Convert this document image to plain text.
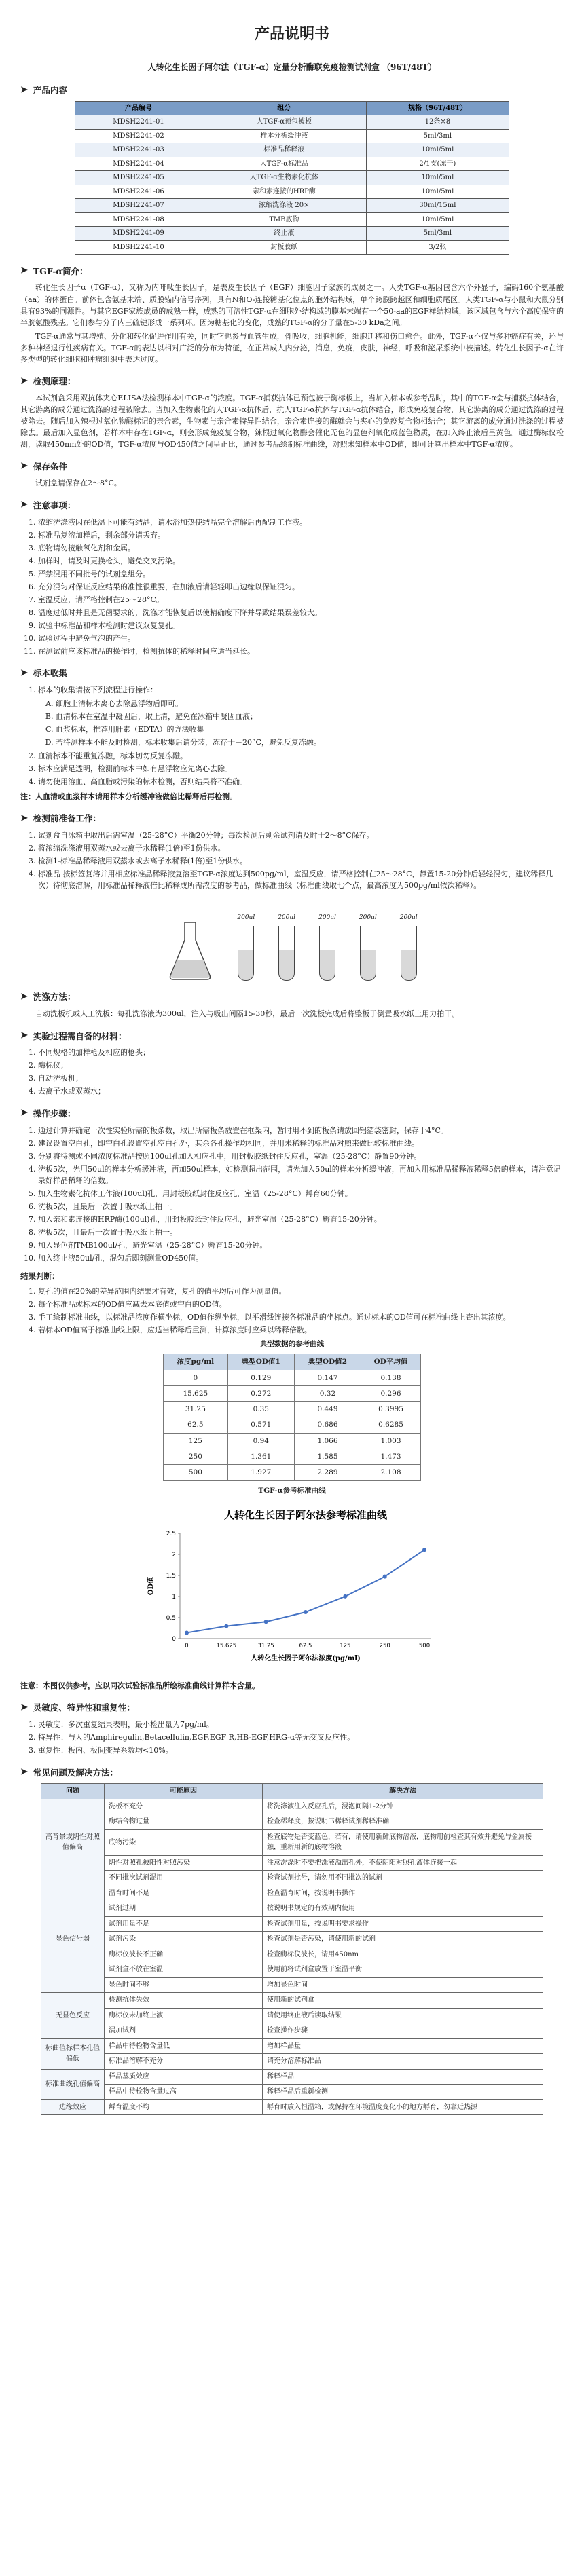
产品说明书
人转化生长因子阿尔法（TGF-α）定量分析酶联免疫检测试剂盒 （96T/48T）
➤ 产品内容
产品编号	组分	规格（96T/48T）
MDSH2241-01	人TGF-α预包被板	12条×8
MDSH2241-02	样本分析缓冲液	5ml/3ml
MDSH2241-03	标准品稀释液	10ml/5ml
MDSH2241-04	人TGF-α标准品	2/1支(冻干)
MDSH2241-05	人TGF-α生物素化抗体	10ml/5ml
MDSH2241-06	亲和素连接的HRP酶	10ml/5ml
MDSH2241-07	浓缩洗涤液 20×	30ml/15ml
MDSH2241-08	TMB底物	10ml/5ml
MDSH2241-09	终止液	5ml/3ml
MDSH2241-10	封板胶纸	3/2张
➤ TGF-α简介：

转化生长因子α（TGF-α），又称为内啡呔生长因子，是表皮生长因子（EGF）细胞因子家族的成员之一。人类TGF-α基因包含六个外显子，编码160个氨基酸（aa）的体蛋白。前体包含氨基末端、质膜锚内信号序列，具有N和O-连接糖基化位点的胞外结构域，单个跨膜跨越区和细胞质尾区。人类TGF-α与小鼠和大鼠分别具有93%的同源性。与其它EGF家族成员的成熟一样，成熟的可溶性TGF-α在细胞外结构域的膜基末端有一个50-aa的EGF样结构域，该区域包含与六个高度保守的半胱氨酸残基。它们参与分子内三硫键形成一系列环。因为糖基化的变化，成熟的TGF-α的分子量在5-30 kDa之间。

TGF-α通常与其增殖、分化和转化促进作用有关，同时它也参与血管生成，骨吸收，细胞机能，细胞迁移和伤口愈合。此外，TGF-α不仅与多种癌症有关，还与多种神经退行性疾病有关。TGF-α的表达以相对广泛的分布为特征，在正常成人内分泌，消息，免疫，皮肤，神经，呼吸和泌尿系统中被描述。转化生长因子-α在许多类型的转化细胞和肿瘤组织中表达过度。

➤ 检测原理：

本试剂盒采用双抗体夹心ELISA法检测样本中TGF-α的浓度。TGF-α捕获抗体已预包被于酶标板上，当加入标本或参考品时，其中的TGF-α会与捕获抗体结合，其它游离的成分通过洗涤的过程被除去。当加入生物素化的人TGF-α抗体后，抗人TGF-α抗体与TGF-α抗体结合，形成免疫复合物，其它游离的成分通过洗涤的过程被除去。随后加入辣根过氧化物酶标记的亲合素，生物素与亲合素特异性结合，亲合素连接的酶就会与夹心的免疫复合物相结合；其它游离的成分通过洗涤的过程被除去。最后加入显色剂，若样本中存在TGF-α，则会形成免疫复合物，辣根过氧化物酶会催化无色的显色剂氧化成蓝色物质，在加入终止液后呈黄色。通过酶标仪检测，读取450nm处的OD值，TGF-α浓度与OD450值之间呈正比，通过参考品绘制标准曲线，对照未知样本中OD值，即可计算出样本中TGF-α浓度。

➤ 保存条件

试剂盒请保存在2～8°C。

➤ 注意事项：
1. 浓缩洗涤液因在低温下可能有结晶，请水浴加热使结晶完全溶解后再配制工作液。
2. 标准品复溶加样后，剩余部分请丢弃。
3. 底物请勿接触氧化剂和金属。
4. 加样时，请及时更换枪头，避免交叉污染。
5. 严禁混用不同批号的试剂盒组分。
6. 充分混匀对保证反应结果的准性很重要，在加液后请轻轻叩击边缘以保证混匀。
7. 室温反应，请严格控制在25～28°C。
8. 温度过低时并且是无菌要求的，洗涤才能恢复后以使精确度下降并导致结果误差较大。
9. 试验中标准品和样本检测时建议双复复孔。
10. 试验过程中避免气泡的产生。
11. 在测试前应该标准品的操作时，检测抗体的稀释时间应适当延长。
➤ 标本收集
1. 标本的收集请按下列流程进行操作：
A. 细胞上清标本离心去除悬浮物后即可。
B. 血清标本在室温中凝固后，取上清，避免在冰箱中凝固血液；
C. 血浆标本，推荐用肝素（EDTA）的方法收集
D. 若待测样本不能及时检测，标本收集后请分装，冻存于－20°C，避免反复冻融。
2. 血清标本不能重复冻融，标本切勿反复冻融。
3. 标本应满足透明，检测前标本中如有悬浮物应先离心去除。
4. 请勿使用溶血、高血脂或污染的标本检测，否则结果将不准确。
注：人血清或血浆样本请用样本分析缓冲液做倍比稀释后再检测。
➤ 检测前准备工作：
1. 试剂盒自冰箱中取出后需室温（25-28°C）平衡20分钟；每次检测后剩余试剂请及时于2～8°C保存。
2. 将浓缩洗涤液用双蒸水或去离子水稀释(1倍)至1份供水。
3. 检测1-标准品稀释液用双蒸水或去离子水稀释(1倍)至1份供水。
4. 标准品 按标签复溶并用相应标准品稀释液复溶至TGF-α浓度达到500pg/ml，室温反应，请严格控制在25～28°C，静置15-20分钟后轻轻混匀，建议稀释几次）待彻底溶解，用标准品稀释液倍比稀释成所需浓度的参考品，做标准曲线（标准曲线取七个点，最高浓度为500pg/ml依次稀释）。
200ul	200ul	200ul	200ul	200ul
➤ 洗涤方法：

自动洗板机或人工洗板：每孔洗涤液为300ul，注入与吸出间隔15-30秒，最后一次洗板完成后将整板于倒置吸水纸上用力拍干。

➤ 实验过程需自备的材料：
1. 不同规格的加样枪及相应的枪头；
2. 酶标仪；
3. 自动洗板机；
4. 去离子水或双蒸水；
➤ 操作步骤：
1. 通过计算并确定一次性实验所需的板条数，取出所需板条放置在框架内，暂时用不到的板条请放回铝箔袋密封，保存于4°C。
2. 建议设置空白孔，即空白孔设置空孔空白孔外，其余各孔操作均相同，并用未稀释的标准品对照来做比较标准曲线。
3. 分别将待测或不同浓度标准品按照100ul孔加入相应孔中，用封板胶纸封住反应孔，室温（25-28°C）静置90分钟。
4. 洗板5次，先用50ul的样本分析缓冲液，再加50ul样本，如检测超出范围，请先加入50ul的样本分析缓冲液，再加入用标准品稀释液稀释5倍的样本，请注意记录好样品稀释的倍数。
5. 加入生物素化抗体工作液(100ul)孔，用封板胶纸封住反应孔，室温（25-28°C）孵育60分钟。
6. 洗板5次，且最后一次置于吸水纸上拍干。
7. 加入亲和素连接的HRP酶(100ul)孔，用封板胶纸封住反应孔，避光室温（25-28°C）孵育15-20分钟。
8. 洗板5次，且最后一次置于吸水纸上拍干。
9. 加入显色剂TMB100ul/孔，避光室温（25-28°C）孵育15-20分钟。
10. 加入终止液50ul/孔，混匀后即刻测量OD450值。
结果判断：
1. 复孔的值在20%的差异范围内结果才有效，复孔的值平均后可作为测量值。
2. 每个标准品或标本的OD值应减去本底值或空白的OD值。
3. 手工绘制标准曲线，以标准品浓度作横坐标，OD值作纵坐标，以平滑线连接各标准品的坐标点。通过标本的OD值可在标准曲线上查出其浓度。
4. 若标本OD值高于标准曲线上限，应适当稀释后重测，计算浓度时应乘以稀释倍数。
典型数据的参考曲线
浓度pg/ml	典型OD值1	典型OD值2	OD平均值
0	0.129	0.147	0.138
15.625	0.272	0.32	0.296
31.25	0.35	0.449	0.3995
62.5	0.571	0.686	0.6285
125	0.94	1.066	1.003
250	1.361	1.585	1.473
500	1.927	2.289	2.108
TGF-α参考标准曲线
人转化生长因子阿尔法参考标准曲线
0
0.5
1
1.5
2
2.5
0	15.625	31.25	62.5	125	250	500
OD值
人转化生长因子阿尔法浓度(pg/ml)
注意：本图仅供参考，应以同次试验标准品所绘标准曲线计算样本含量。
➤ 灵敏度、特异性和重复性：
1. 灵敏度：多次重复结果表明，最小检出量为7pg/ml。
2. 特异性：与人的Amphiregulin,Betacellulin,EGF,EGF R,HB-EGF,HRG-α等无交叉反应性。
3. 重复性：板内、板间变异系数均<10%。
➤ 常见问题及解决方法：
问题	可能原因	解决方法
高背景或阴性对照值偏高	洗板不充分	将洗涤液注入反应孔后，浸泡间隔1-2分钟
	酶结合物过量	检查稀释度，按说明书稀释试剂稀释准确
	底物污染	检查底物是否变蓝色，若有，请使用新鲜底物溶液，底物用前检查其有效并避免与金属接触，重新用新的底物溶液
	阴性对照孔被阳性对照污染	注意洗涤时不要把洗液溢出孔外，不使阴阳对照孔液体连接一起
	不同批次试剂混用	检查试剂批号，请勿用不同批次的试剂
显色信号弱	温育时间不足	检查温育时间，按说明书操作
	试剂过期	按说明书规定的有效期内使用
	试剂用量不足	检查试剂用量，按说明书要求操作
	试剂污染	检查试剂是否污染，请使用新的试剂
	酶标仪波长不正确	检查酶标仪波长，请用450nm
	试剂盒不放在室温	使用前将试剂盒放置于室温平衡
	显色时间不够	增加显色时间
无显色反应	检测抗体失效	使用新的试剂盒
	酶标仪未加终止液	请使用终止液后读取结果
	漏加试剂	检查操作步骤
标曲值标样本孔值偏低	样品中待检物含量低	增加样品量
	标准品溶解不充分	请充分溶解标准品
标准曲线孔值偏高	样品基质效应	稀释样品
	样品中待检物含量过高	稀释样品后重新检测
边缘效应	孵育温度不均	孵育时放入恒温箱，或保持在环境温度变化小的地方孵育，勿靠近热源
